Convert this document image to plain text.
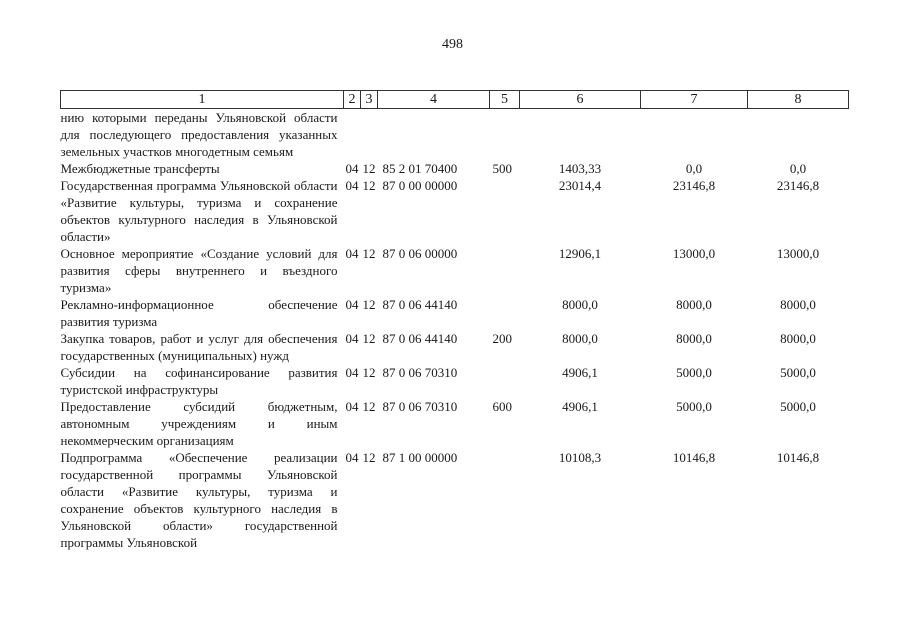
498
1	2	3	4	5	6	7	8
нию которыми переданы Ульяновской области для последующего предоставления указанных земельных участков многодетным семьям							
Межбюджетные трансферты	04	12	85 2 01 70400	500	1403,33	0,0	0,0
Государственная программа Ульяновской области «Развитие культуры, туризма и сохранение объектов культурного наследия в Ульяновской области»	04	12	87 0 00 00000		23014,4	23146,8	23146,8
Основное мероприятие «Создание условий для развития сферы внутреннего и въездного туризма»	04	12	87 0 06 00000		12906,1	13000,0	13000,0
Рекламно-информационное обеспечение развития туризма	04	12	87 0 06 44140		8000,0	8000,0	8000,0
Закупка товаров, работ и услуг для обеспечения государственных (муниципальных) нужд	04	12	87 0 06 44140	200	8000,0	8000,0	8000,0
Субсидии на софинансирование развития туристской инфраструктуры	04	12	87 0 06 70310		4906,1	5000,0	5000,0
Предоставление субсидий бюджетным, автономным учреждениям и иным некоммерческим организациям	04	12	87 0 06 70310	600	4906,1	5000,0	5000,0
Подпрограмма «Обеспечение реализации государственной программы Ульяновской области «Развитие культуры, туризма и сохранение объектов культурного наследия в Ульяновской области» государственной программы Ульяновской	04	12	87 1 00 00000		10108,3	10146,8	10146,8
